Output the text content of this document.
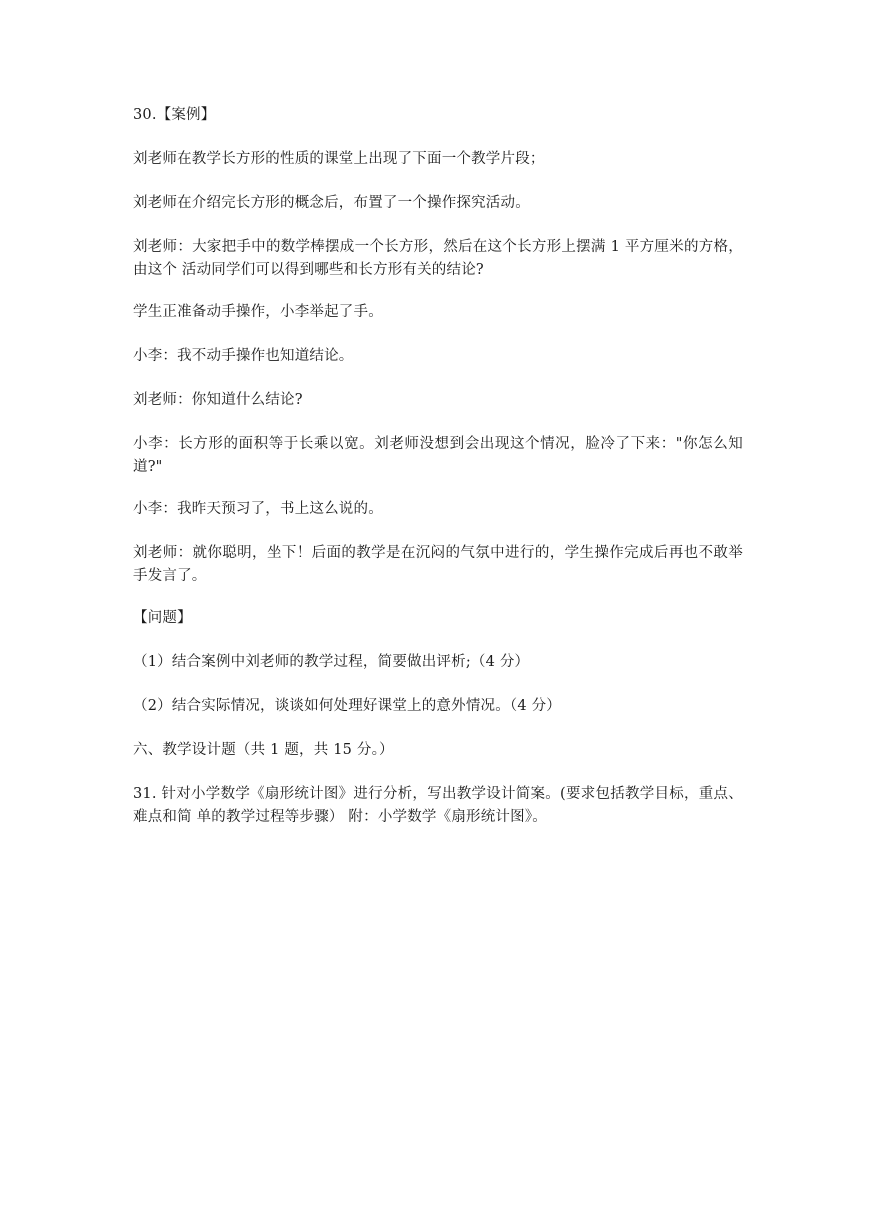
30.【案例】

刘老师在教学长方形的性质的课堂上出现了下面一个教学片段；

刘老师在介绍完长方形的概念后，布置了一个操作探究活动。

刘老师：大家把手中的数学棒摆成一个长方形，然后在这个长方形上摆满 1 平方厘米的方格，由这个 活动同学们可以得到哪些和长方形有关的结论?

学生正准备动手操作，小李举起了手。

小李：我不动手操作也知道结论。

刘老师：你知道什么结论?

小李：长方形的面积等于长乘以宽。刘老师没想到会出现这个情况，脸冷了下来："你怎么知道?"

小李：我昨天预习了，书上这么说的。

刘老师：就你聪明，坐下！后面的教学是在沉闷的气氛中进行的，学生操作完成后再也不敢举手发言了。

【问题】

（1）结合案例中刘老师的教学过程，简要做出评析;（4 分）

（2）结合实际情况，谈谈如何处理好课堂上的意外情况。（4 分）

六、教学设计题（共 1 题，共 15 分。）

31. 针对小学数学《扇形统计图》进行分析，写出教学设计简案。(要求包括教学目标，重点、难点和简 单的教学过程等步骤） 附：小学数学《扇形统计图》。
